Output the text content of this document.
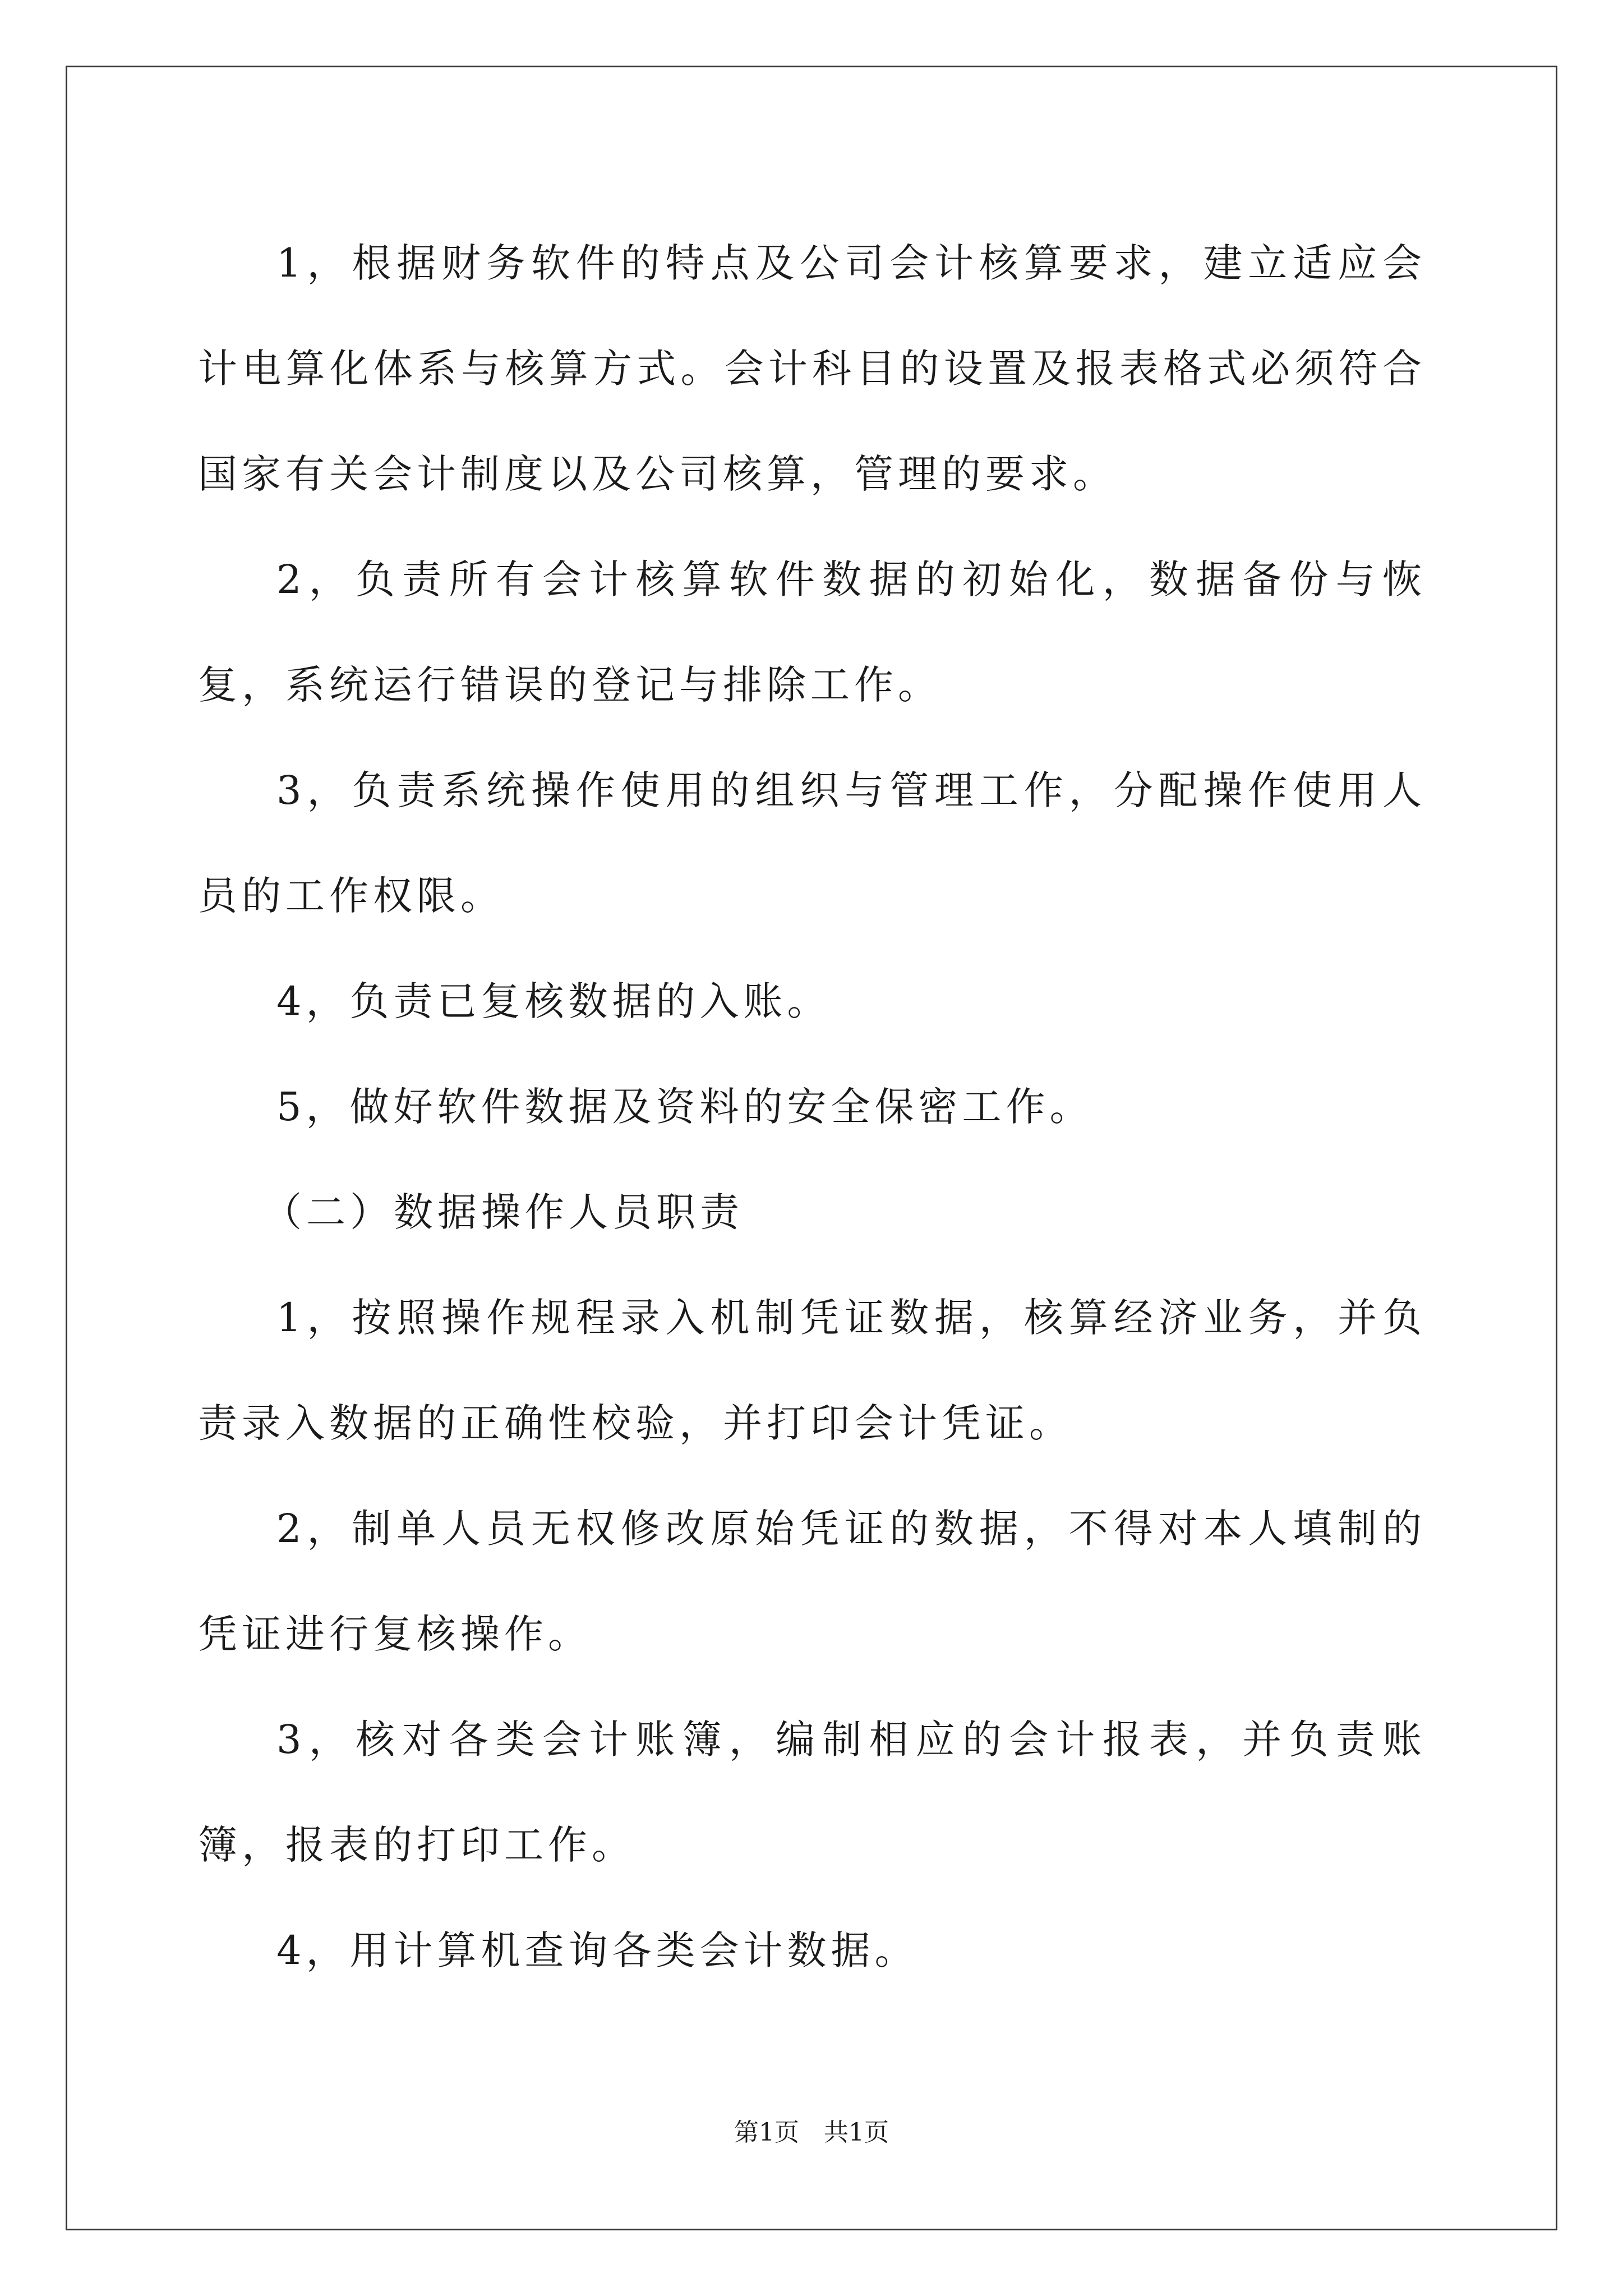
1，根据财务软件的特点及公司会计核算要求，建立适应会计电算化体系与核算方式。会计科目的设置及报表格式必须符合国家有关会计制度以及公司核算，管理的要求。

2，负责所有会计核算软件数据的初始化，数据备份与恢复，系统运行错误的登记与排除工作。

3，负责系统操作使用的组织与管理工作，分配操作使用人员的工作权限。

4，负责已复核数据的入账。

5，做好软件数据及资料的安全保密工作。

（二）数据操作人员职责

1，按照操作规程录入机制凭证数据，核算经济业务，并负责录入数据的正确性校验，并打印会计凭证。

2，制单人员无权修改原始凭证的数据，不得对本人填制的凭证进行复核操作。

3，核对各类会计账簿，编制相应的会计报表，并负责账簿，报表的打印工作。

4，用计算机查询各类会计数据。

第1页　共1页
